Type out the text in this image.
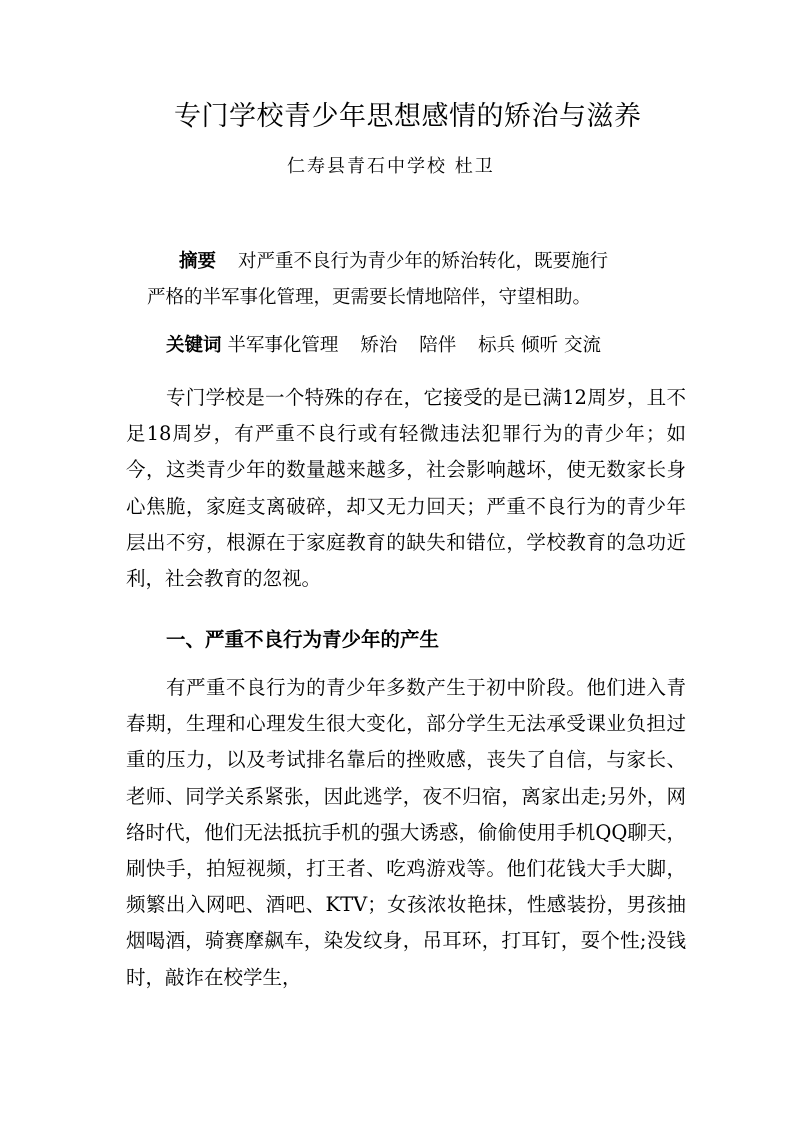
专门学校青少年思想感情的矫治与滋养
仁寿县青石中学校 杜卫
摘要 对严重不良行为青少年的矫治转化，既要施行
严格的半军事化管理，更需要长情地陪伴，守望相助。
关键词 半军事化管理 矫治 陪伴 标兵 倾听 交流

专门学校是一个特殊的存在，它接受的是已满12周岁，且不足18周岁，有严重不良行或有轻微违法犯罪行为的青少年；如今，这类青少年的数量越来越多，社会影响越坏，使无数家长身心焦脆，家庭支离破碎，却又无力回天；严重不良行为的青少年层出不穷，根源在于家庭教育的缺失和错位，学校教育的急功近利，社会教育的忽视。

一、严重不良行为青少年的产生

有严重不良行为的青少年多数产生于初中阶段。他们进入青春期，生理和心理发生很大变化，部分学生无法承受课业负担过重的压力，以及考试排名靠后的挫败感，丧失了自信，与家长、老师、同学关系紧张，因此逃学，夜不归宿，离家出走;另外，网络时代，他们无法抵抗手机的强大诱惑，偷偷使用手机QQ聊天，刷快手，拍短视频，打王者、吃鸡游戏等。他们花钱大手大脚，频繁出入网吧、酒吧、KTV；女孩浓妆艳抹，性感装扮，男孩抽烟喝酒，骑赛摩飙车，染发纹身，吊耳环，打耳钉，耍个性;没钱时，敲诈在校学生，
